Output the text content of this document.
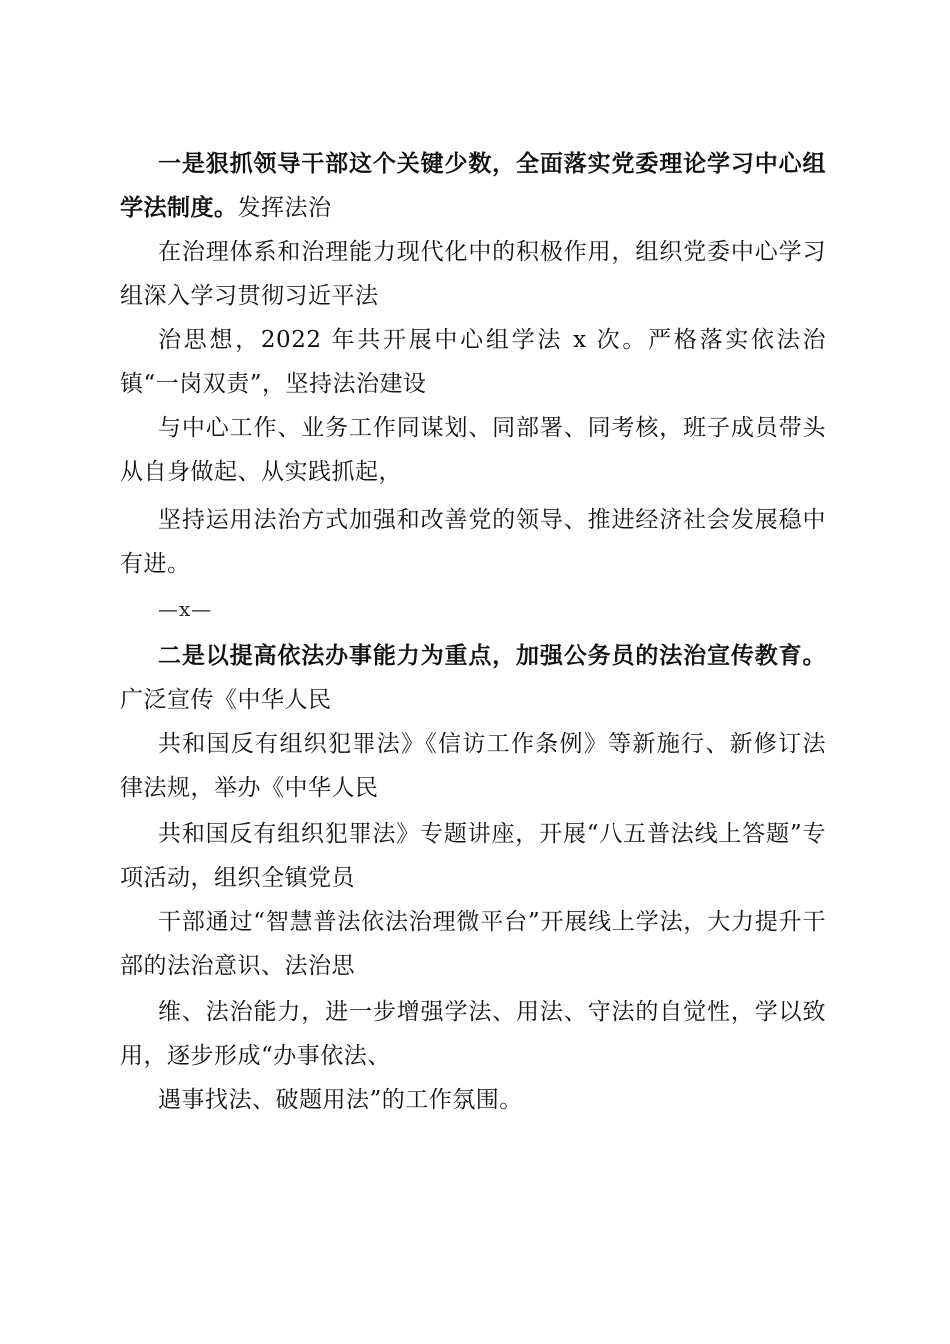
一是狠抓领导干部这个关键少数，全面落实党委理论学习中心组学法制度。发挥法治

在治理体系和治理能力现代化中的积极作用，组织党委中心学习组深入学习贯彻习近平法

治思想，2022 年共开展中心组学法 x 次。严格落实依法治镇“一岗双责”，坚持法治建设

与中心工作、业务工作同谋划、同部署、同考核，班子成员带头从自身做起、从实践抓起，

坚持运用法治方式加强和改善党的领导、推进经济社会发展稳中有进。

—x—

二是以提高依法办事能力为重点，加强公务员的法治宣传教育。广泛宣传《中华人民

共和国反有组织犯罪法》《信访工作条例》等新施行、新修订法律法规，举办《中华人民

共和国反有组织犯罪法》专题讲座，开展“八五普法线上答题”专项活动，组织全镇党员

干部通过“智慧普法依法治理微平台”开展线上学法，大力提升干部的法治意识、法治思

维、法治能力，进一步增强学法、用法、守法的自觉性，学以致用，逐步形成“办事依法、

遇事找法、破题用法”的工作氛围。
